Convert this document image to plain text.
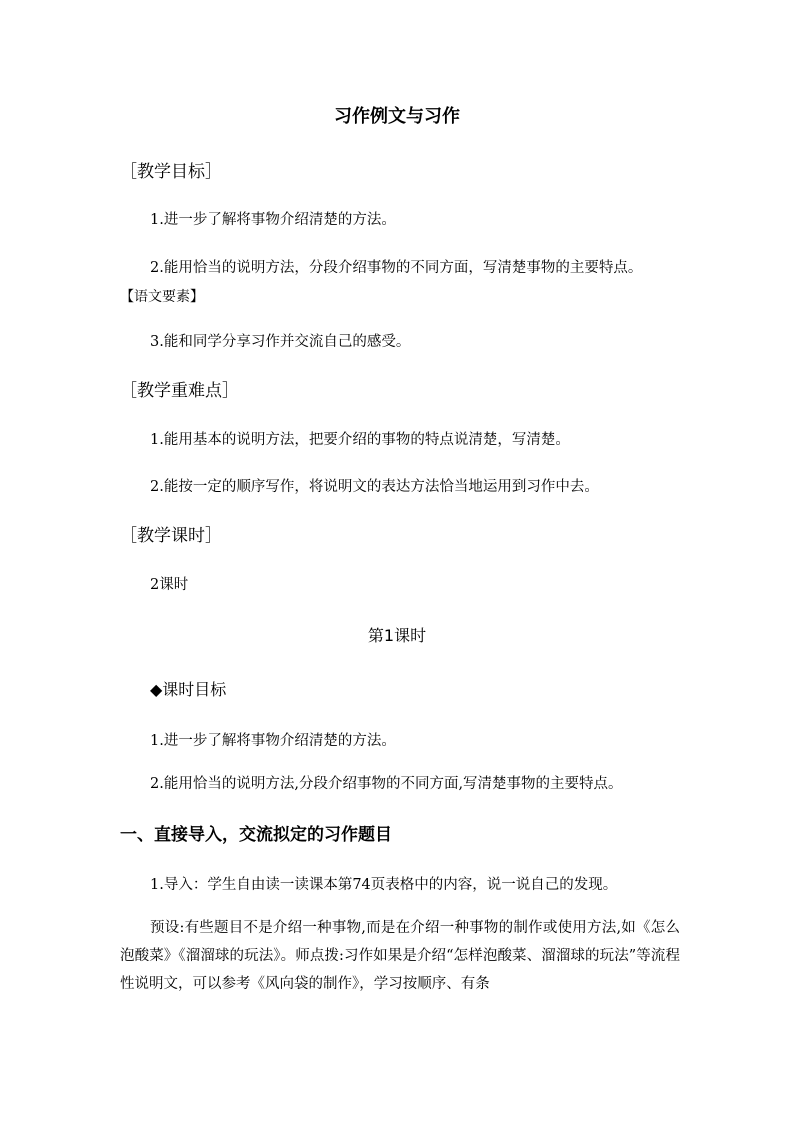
习作例文与习作
［教学目标］
1.进一步了解将事物介绍清楚的方法。
2.能用恰当的说明方法，分段介绍事物的不同方面，写清楚事物的主要特点。
【语文要素】
3.能和同学分享习作并交流自己的感受。
［教学重难点］
1.能用基本的说明方法，把要介绍的事物的特点说清楚，写清楚。
2.能按一定的顺序写作，将说明文的表达方法恰当地运用到习作中去。
［教学课时］
2课时
第1课时
◆课时目标
1.进一步了解将事物介绍清楚的方法。
2.能用恰当的说明方法,分段介绍事物的不同方面,写清楚事物的主要特点。
一、直接导入，交流拟定的习作题目
1.导入：学生自由读一读课本第74页表格中的内容，说一说自己的发现。
预设:有些题目不是介绍一种事物,而是在介绍一种事物的制作或使用方法,如《怎么泡酸菜》《溜溜球的玩法》。师点拨:习作如果是介绍“怎样泡酸菜、溜溜球的玩法”等流程性说明文，可以参考《风向袋的制作》，学习按顺序、有条
